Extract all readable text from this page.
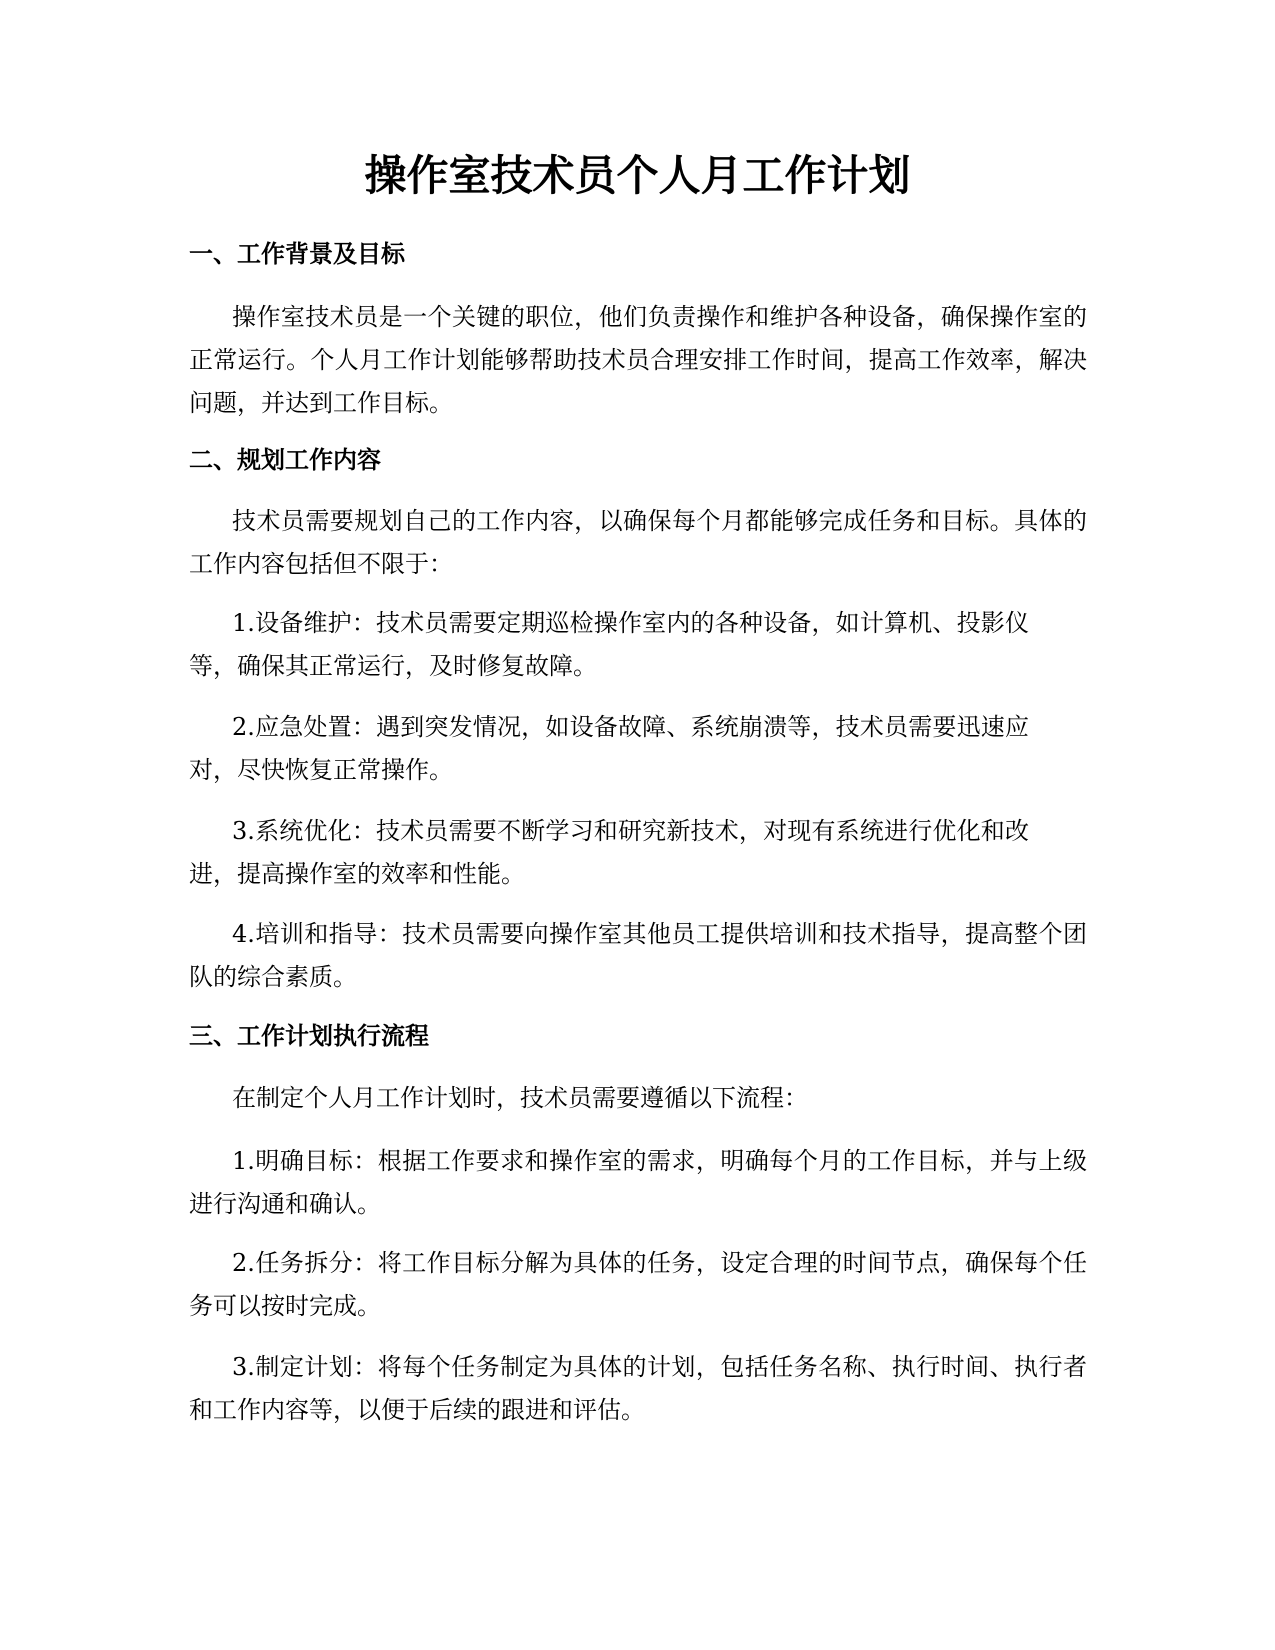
操作室技术员个人月工作计划
一、工作背景及目标

操作室技术员是一个关键的职位，他们负责操作和维护各种设备，确保操作室的正常运行。个人月工作计划能够帮助技术员合理安排工作时间，提高工作效率，解决问题，并达到工作目标。

二、规划工作内容

技术员需要规划自己的工作内容，以确保每个月都能够完成任务和目标。具体的工作内容包括但不限于：

1.设备维护：技术员需要定期巡检操作室内的各种设备，如计算机、投影仪等，确保其正常运行，及时修复故障。

2.应急处置：遇到突发情况，如设备故障、系统崩溃等，技术员需要迅速应对，尽快恢复正常操作。

3.系统优化：技术员需要不断学习和研究新技术，对现有系统进行优化和改进，提高操作室的效率和性能。

4.培训和指导：技术员需要向操作室其他员工提供培训和技术指导，提高整个团队的综合素质。

三、工作计划执行流程

在制定个人月工作计划时，技术员需要遵循以下流程：

1.明确目标：根据工作要求和操作室的需求，明确每个月的工作目标，并与上级进行沟通和确认。

2.任务拆分：将工作目标分解为具体的任务，设定合理的时间节点，确保每个任务可以按时完成。

3.制定计划：将每个任务制定为具体的计划，包括任务名称、执行时间、执行者和工作内容等，以便于后续的跟进和评估。
